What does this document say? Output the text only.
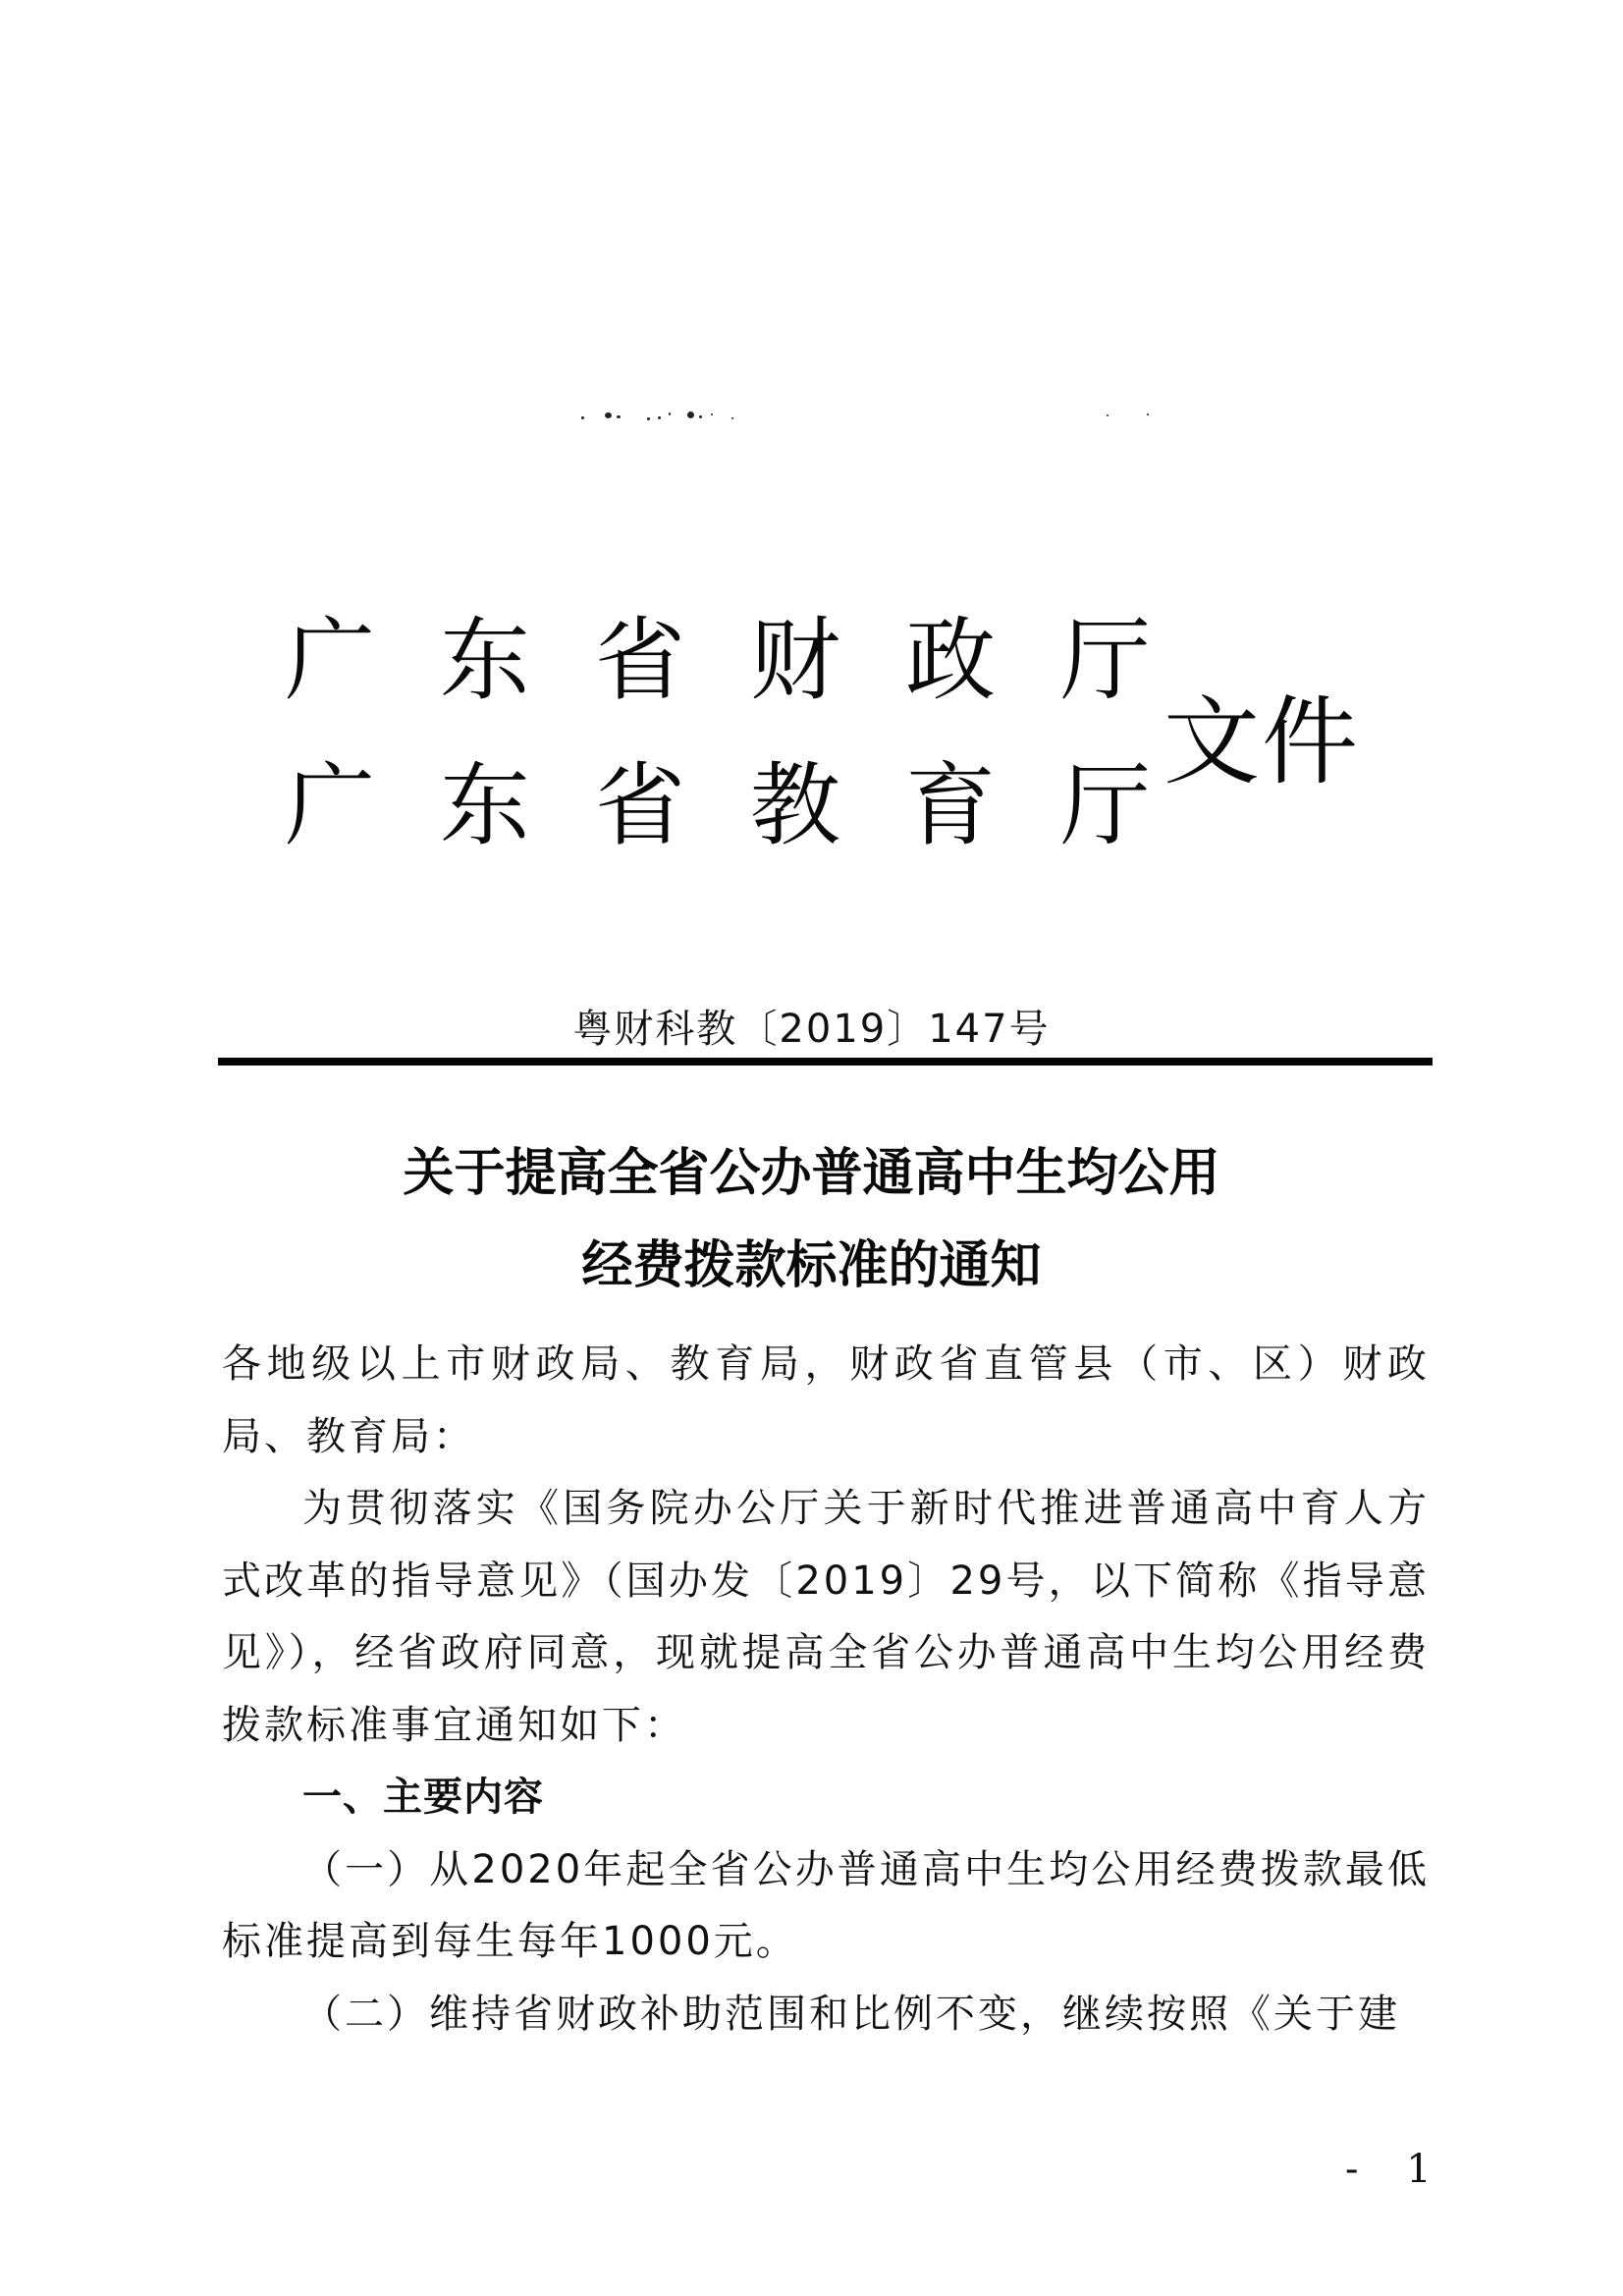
广东省财政厅
广东省教育厅
文件
粤财科教〔2019〕147号
关于提高全省公办普通高中生均公用
经费拨款标准的通知

各地级以上市财政局、教育局，财政省直管县（市、区）财政局、教育局：

为贯彻落实《国务院办公厅关于新时代推进普通高中育人方式改革的指导意见》（国办发〔2019〕29号，以下简称《指导意见》），经省政府同意，现就提高全省公办普通高中生均公用经费拨款标准事宜通知如下：

一、主要内容

（一）从2020年起全省公办普通高中生均公用经费拨款最低标准提高到每生每年1000元。

（二）维持省财政补助范围和比例不变，继续按照《关于建

- 1
